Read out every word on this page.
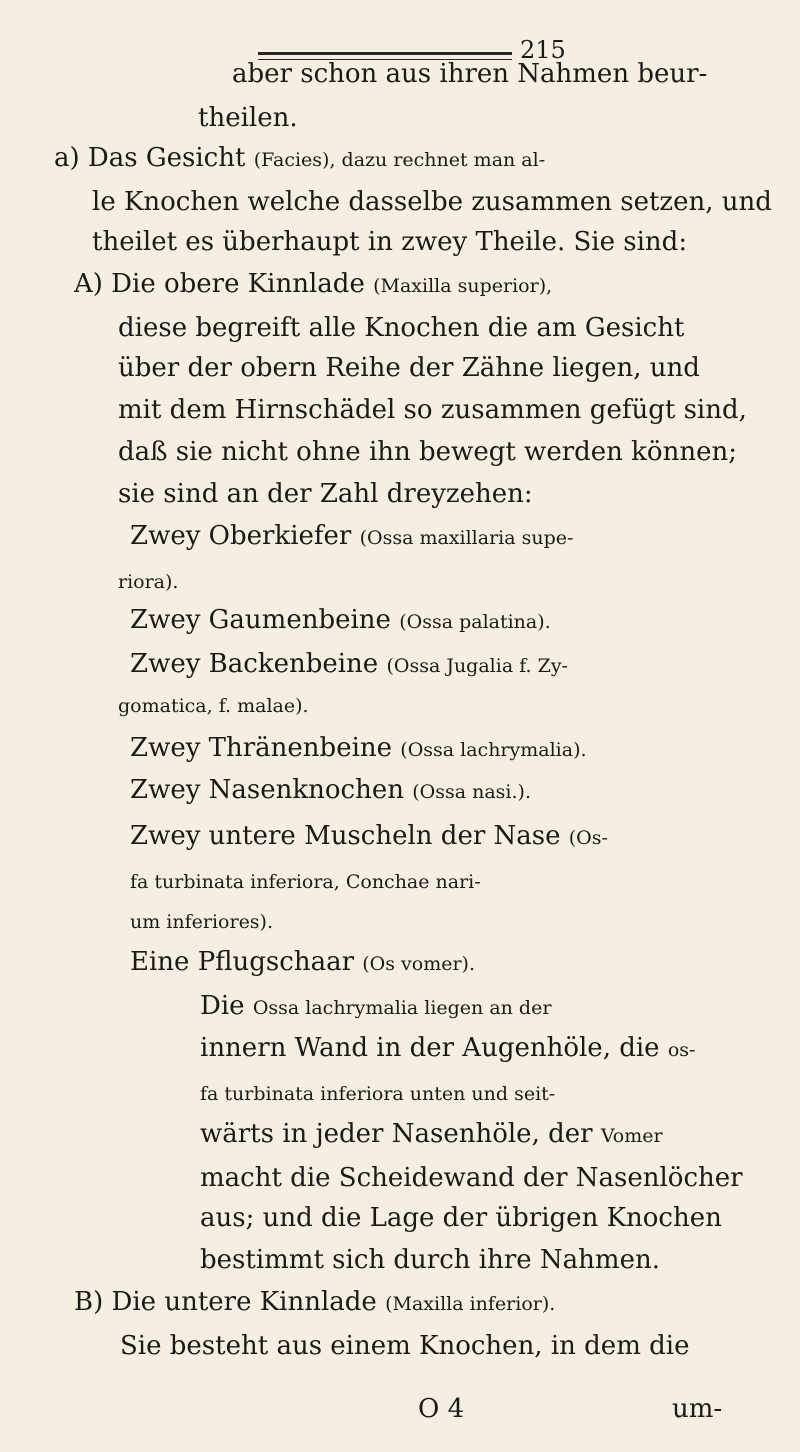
215
aber schon aus ihren Nahmen beur-
theilen.
a) Das Gesicht (Facies), dazu rechnet man al-
le Knochen welche dasselbe zusammen setzen, und
theilet es überhaupt in zwey Theile. Sie sind:
A) Die obere Kinnlade (Maxilla superior),
diese begreift alle Knochen die am Gesicht
über der obern Reihe der Zähne liegen, und
mit dem Hirnschädel so zusammen gefügt sind,
daß sie nicht ohne ihn bewegt werden können;
sie sind an der Zahl dreyzehen:
Zwey Oberkiefer (Ossa maxillaria supe-
riora).
Zwey Gaumenbeine (Ossa palatina).
Zwey Backenbeine (Ossa Jugalia f. Zy-
gomatica, f. malae).
Zwey Thränenbeine (Ossa lachrymalia).
Zwey Nasenknochen (Ossa nasi.).
Zwey untere Muscheln der Nase (Os-
fa turbinata inferiora, Conchae nari-
um inferiores).
Eine Pflugschaar (Os vomer).
Die Ossa lachrymalia liegen an der
innern Wand in der Augenhöle, die os-
fa turbinata inferiora unten und seit-
wärts in jeder Nasenhöle, der Vomer
macht die Scheidewand der Nasenlöcher
aus; und die Lage der übrigen Knochen
bestimmt sich durch ihre Nahmen.
B) Die untere Kinnlade (Maxilla inferior).
Sie besteht aus einem Knochen, in dem die
O 4	um-
